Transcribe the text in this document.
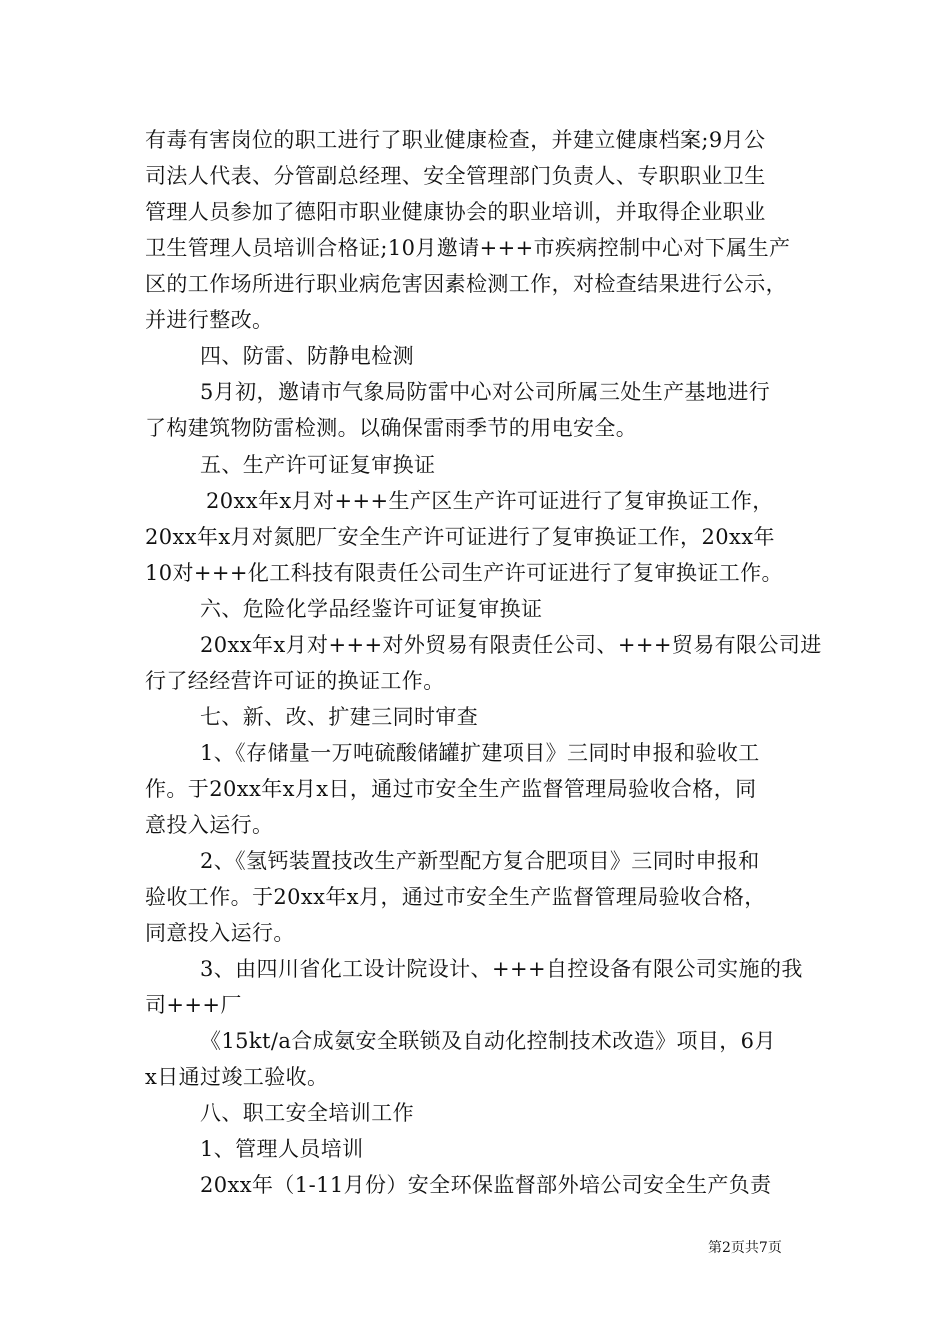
有毒有害岗位的职工进行了职业健康检查，并建立健康档案;9月公
司法人代表、分管副总经理、安全管理部门负责人、专职职业卫生
管理人员参加了德阳市职业健康协会的职业培训，并取得企业职业
卫生管理人员培训合格证;10月邀请+++市疾病控制中心对下属生产
区的工作场所进行职业病危害因素检测工作，对检查结果进行公示，
并进行整改。
四、防雷、防静电检测
5月初，邀请市气象局防雷中心对公司所属三处生产基地进行
了构建筑物防雷检测。以确保雷雨季节的用电安全。
五、生产许可证复审换证
20xx年x月对+++生产区生产许可证进行了复审换证工作，
20xx年x月对氮肥厂安全生产许可证进行了复审换证工作，20xx年
10对+++化工科技有限责任公司生产许可证进行了复审换证工作。
六、危险化学品经鉴许可证复审换证
20xx年x月对+++对外贸易有限责任公司、+++贸易有限公司进
行了经经营许可证的换证工作。
七、新、改、扩建三同时审查
1、《存储量一万吨硫酸储罐扩建项目》三同时申报和验收工
作。于20xx年x月x日，通过市安全生产监督管理局验收合格，同
意投入运行。
2、《氢钙装置技改生产新型配方复合肥项目》三同时申报和
验收工作。于20xx年x月，通过市安全生产监督管理局验收合格，
同意投入运行。
3、由四川省化工设计院设计、+++自控设备有限公司实施的我
司+++厂
《15kt/a合成氨安全联锁及自动化控制技术改造》项目，6月
x日通过竣工验收。
八、职工安全培训工作
1、管理人员培训
20xx年（1-11月份）安全环保监督部外培公司安全生产负责
第2页共7页
